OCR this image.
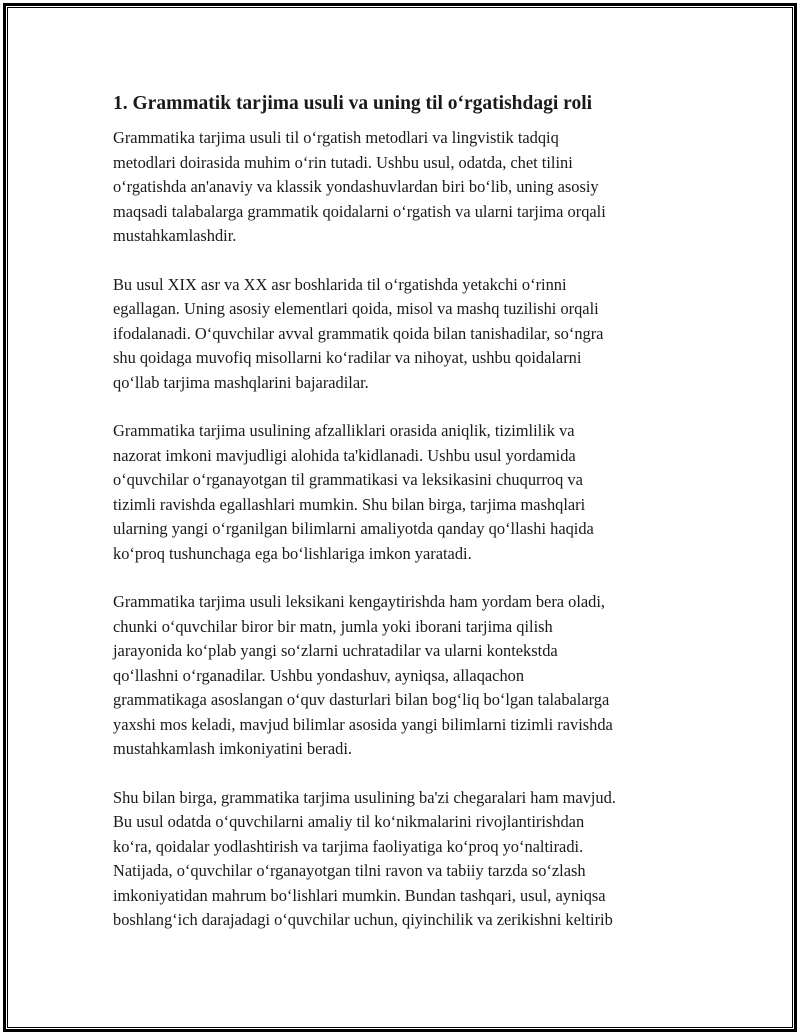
1. Grammatik tarjima usuli va uning til o‘rgatishdagi roli

Grammatika tarjima usuli til o‘rgatish metodlari va lingvistik tadqiq
metodlari doirasida muhim o‘rin tutadi. Ushbu usul, odatda, chet tilini
o‘rgatishda an'anaviy va klassik yondashuvlardan biri bo‘lib, uning asosiy
maqsadi talabalarga grammatik qoidalarni o‘rgatish va ularni tarjima orqali
mustahkamlashdir.

Bu usul XIX asr va XX asr boshlarida til o‘rgatishda yetakchi o‘rinni
egallagan. Uning asosiy elementlari qoida, misol va mashq tuzilishi orqali
ifodalanadi. O‘quvchilar avval grammatik qoida bilan tanishadilar, so‘ngra
shu qoidaga muvofiq misollarni ko‘radilar va nihoyat, ushbu qoidalarni
qo‘llab tarjima mashqlarini bajaradilar.

Grammatika tarjima usulining afzalliklari orasida aniqlik, tizimlilik va
nazorat imkoni mavjudligi alohida ta'kidlanadi. Ushbu usul yordamida
o‘quvchilar o‘rganayotgan til grammatikasi va leksikasini chuqurroq va
tizimli ravishda egallashlari mumkin. Shu bilan birga, tarjima mashqlari
ularning yangi o‘rganilgan bilimlarni amaliyotda qanday qo‘llashi haqida
ko‘proq tushunchaga ega bo‘lishlariga imkon yaratadi.

Grammatika tarjima usuli leksikani kengaytirishda ham yordam bera oladi,
chunki o‘quvchilar biror bir matn, jumla yoki iborani tarjima qilish
jarayonida ko‘plab yangi so‘zlarni uchratadilar va ularni kontekstda
qo‘llashni o‘rganadilar. Ushbu yondashuv, ayniqsa, allaqachon
grammatikaga asoslangan o‘quv dasturlari bilan bog‘liq bo‘lgan talabalarga
yaxshi mos keladi, mavjud bilimlar asosida yangi bilimlarni tizimli ravishda
mustahkamlash imkoniyatini beradi.

Shu bilan birga, grammatika tarjima usulining ba'zi chegaralari ham mavjud.
Bu usul odatda o‘quvchilarni amaliy til ko‘nikmalarini rivojlantirishdan
ko‘ra, qoidalar yodlashtirish va tarjima faoliyatiga ko‘proq yo‘naltiradi.
Natijada, o‘quvchilar o‘rganayotgan tilni ravon va tabiiy tarzda so‘zlash
imkoniyatidan mahrum bo‘lishlari mumkin. Bundan tashqari, usul, ayniqsa
boshlang‘ich darajadagi o‘quvchilar uchun, qiyinchilik va zerikishni keltirib
